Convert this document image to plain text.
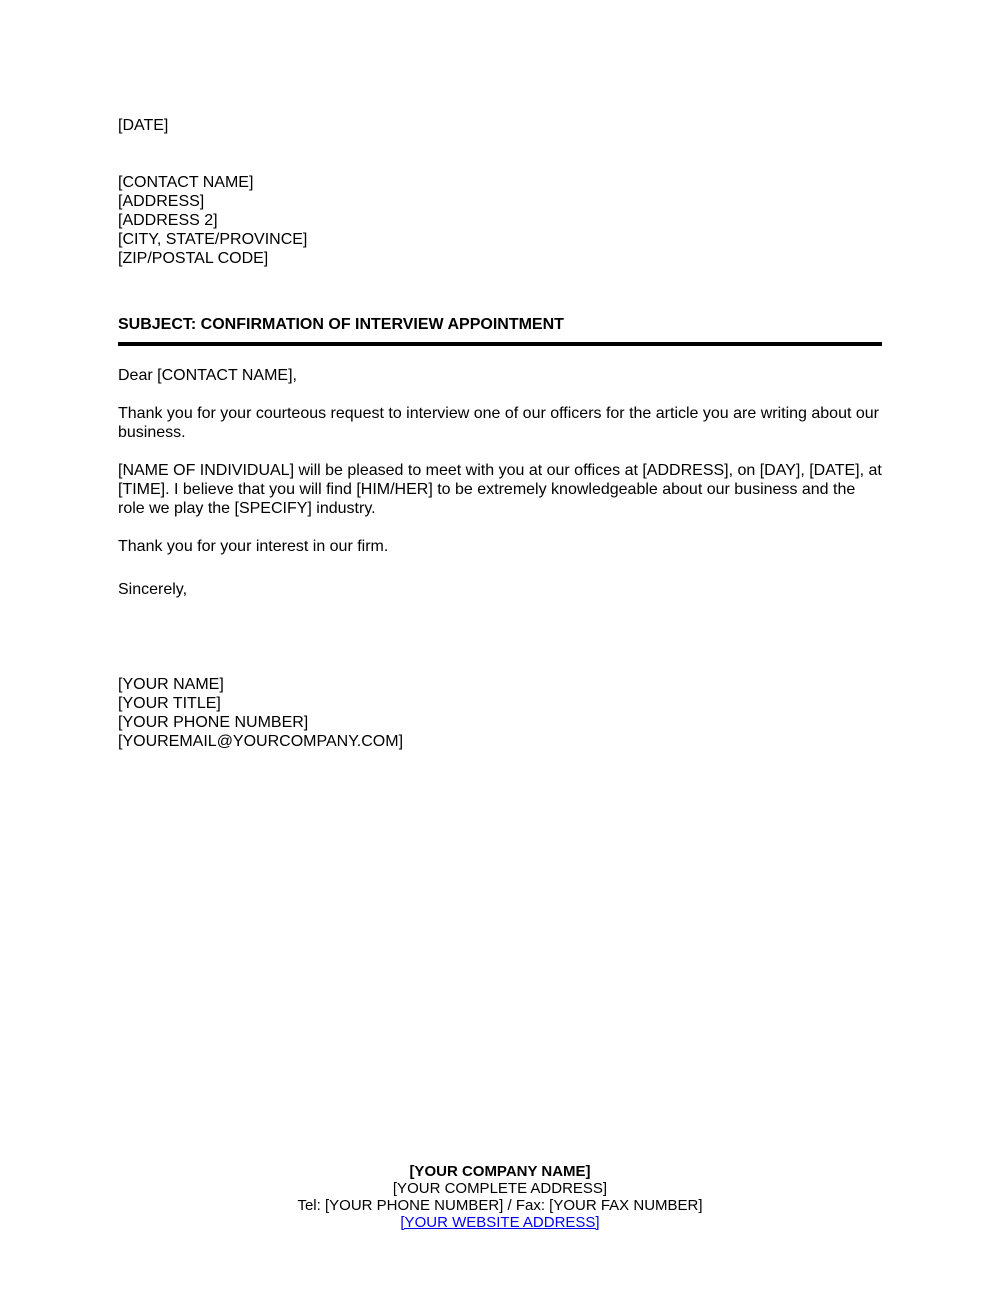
[DATE]
[CONTACT NAME]
[ADDRESS]
[ADDRESS 2]
[CITY, STATE/PROVINCE]
[ZIP/POSTAL CODE]
SUBJECT: CONFIRMATION OF INTERVIEW APPOINTMENT
Dear [CONTACT NAME],
Thank you for your courteous request to interview one of our officers for the article you are writing about our business.
[NAME OF INDIVIDUAL] will be pleased to meet with you at our offices at [ADDRESS], on [DAY], [DATE], at [TIME]. I believe that you will find [HIM/HER] to be extremely knowledgeable about our business and the role we play the [SPECIFY] industry.
Thank you for your interest in our firm.
Sincerely,
[YOUR NAME]
[YOUR TITLE]
[YOUR PHONE NUMBER]
[YOUREMAIL@YOURCOMPANY.COM]
[YOUR COMPANY NAME]
[YOUR COMPLETE ADDRESS]
Tel: [YOUR PHONE NUMBER] / Fax: [YOUR FAX NUMBER]
[YOUR WEBSITE ADDRESS]
